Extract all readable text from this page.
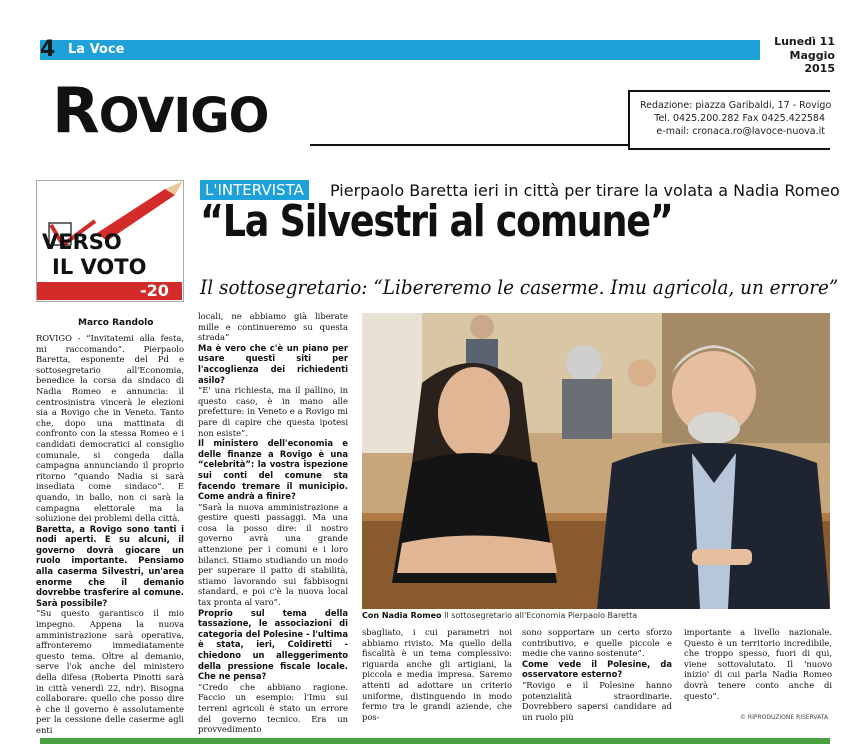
4 La Voce
Lunedì 11
Maggio 2015
ROVIGO	Redazione: piazza Garibaldi, 17 - Rovigo
Tel. 0425.200.282 Fax 0425.422584
e-mail: cronaca.ro@lavoce-nuova.it
VERSO
IL VOTO
-20
L'INTERVISTA	Pierpaolo Baretta ieri in città per tirare la volata a Nadia Romeo
“La Silvestri al comune”
Il sottosegretario: “Libereremo le caserme. Imu agricola, un errore”
Marco Randolo

ROVIGO - “Invitatemi alla festa, mi raccomando”. Pierpaolo Baretta, esponente del Pd e sottosegretario all'Economia, benedice la corsa da sindaco di Nadia Romeo e annuncia: il centrosinistra vincerà le elezioni sia a Rovigo che in Veneto. Tanto che, dopo una mattinata di confronto con la stessa Romeo e i candidati democratici al consiglio comunale, si congeda dalla campagna annunciando il proprio ritorno “quando Nadia si sarà insediata come sindaco”. E quando, in ballo, non ci sarà la campagna elettorale ma la soluzione dei problemi della città.

Baretta, a Rovigo sono tanti i nodi aperti. E su alcuni, il governo dovrà giocare un ruolo importante. Pensiamo alla caserma Silvestri, un'area enorme che il demanio dovrebbe trasferire al comune. Sarà possibile?

“Su questo garantisco il mio impegno. Appena la nuova amministrazione sarà operativa, affronteremo immediatamente questo tema. Oltre al demanio, serve l'ok anche del ministero della difesa (Roberta Pinotti sarà in città venerdì 22, ndr). Bisogna collaborare: quello che posso dire è che il governo è assolutamente per la cessione delle caserme agli enti

locali, ne abbiamo già liberate mille e continueremo su questa strada”

Ma è vero che c'è un piano per usare questi siti per l'accoglienza dei richiedenti asilo?

“E' una richiesta, ma il pallino, in questo caso, è in mano alle prefetture: in Veneto e a Rovigo mi pare di capire che questa ipotesi non esiste”.

Il ministero dell'economia e delle finanze a Rovigo è una “celebrità”: la vostra ispezione sui conti del comune sta facendo tremare il municipio. Come andrà a finire?

“Sarà la nuova amministrazione a gestire questi passaggi. Ma una cosa la posso dire: il nostro governo avrà una grande attenzione per i comuni e i loro bilanci. Stiamo studiando un modo per superare il patto di stabilità, stiamo lavorando sui fabbisogni standard, e poi c'è la nuova local tax pronta al varo”.

Proprio sul tema della tassazione, le associazioni di categoria del Polesine - l'ultima è stata, ieri, Coldiretti - chiedono un alleggerimento della pressione fiscale locale. Che ne pensa?

“Credo che abbiano ragione. Faccio un esempio: l'Imu sui terreni agricoli è stato un errore del governo tecnico. Era un provvedimento

sbagliato, i cui parametri noi abbiamo rivisto. Ma quello della fiscalità è un tema complessivo: riguarda anche gli artigiani, la piccola e media impresa. Saremo attenti ad adottare un criterio uniforme, distinguendo in modo fermo tra le grandi aziende, che pos-

sono sopportare un certo sforzo contributivo, e quelle piccole e medie che vanno sostenute”.

Come vede il Polesine, da osservatore esterno?

“Rovigo e il Polesine hanno potenzialità straordinarie. Dovrebbero sapersi candidare ad un ruolo più

importante a livello nazionale. Questo è un territorio incredibile, che troppo spesso, fuori di qui, viene sottovalutato. Il 'nuovo inizio' di cui parla Nadia Romeo dovrà tenere conto anche di questo”.

Con Nadia Romeo Il sottosegretario all'Economia Pierpaolo Baretta
© RIPRODUZIONE RISERVATA
